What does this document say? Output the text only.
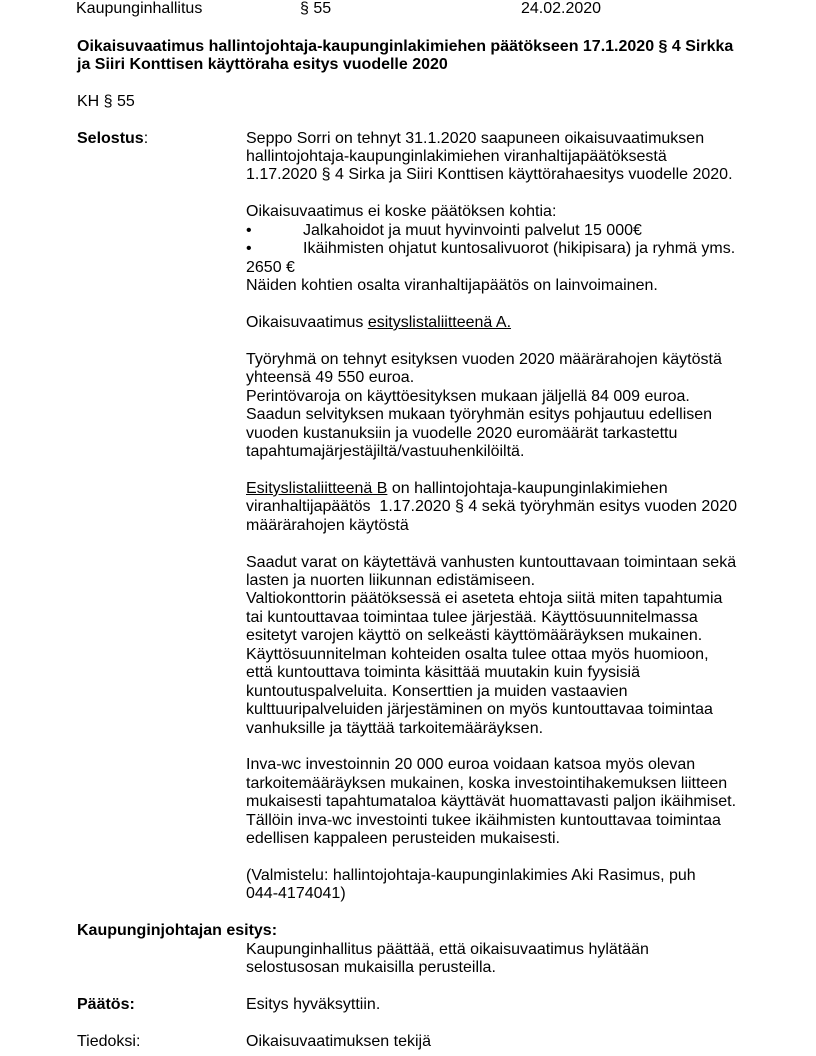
Kaupunginhallitus	§ 55	24.02.2020
Oikaisuvaatimus hallintojohtaja-kaupunginlakimiehen päätökseen 17.1.2020 § 4 Sirkka
ja Siiri Konttisen käyttöraha esitys vuodelle 2020
KH § 55
Selostus:	Seppo Sorri on tehnyt 31.1.2020 saapuneen oikaisuvaatimuksen
hallintojohtaja-kaupunginlakimiehen viranhaltijapäätöksestä
1.17.2020 § 4 Sirka ja Siiri Konttisen käyttörahaesitys vuodelle 2020.
Oikaisuvaatimus ei koske päätöksen kohtia:
•	Jalkahoidot ja muut hyvinvointi palvelut 15 000€
•	Ikäihmisten ohjatut kuntosalivuorot (hikipisara) ja ryhmä yms.
2650 €
Näiden kohtien osalta viranhaltijapäätös on lainvoimainen.
Oikaisuvaatimus esityslistaliitteenä A.
Työryhmä on tehnyt esityksen vuoden 2020 määrärahojen käytöstä
yhteensä 49 550 euroa.
Perintövaroja on käyttöesityksen mukaan jäljellä 84 009 euroa.
Saadun selvityksen mukaan työryhmän esitys pohjautuu edellisen
vuoden kustanuksiin ja vuodelle 2020 euromäärät tarkastettu
tapahtumajärjestäjiltä/vastuuhenkilöiltä.
Esityslistaliitteenä B on hallintojohtaja-kaupunginlakimiehen
viranhaltijapäätös  1.17.2020 § 4 sekä työryhmän esitys vuoden 2020
määrärahojen käytöstä
Saadut varat on käytettävä vanhusten kuntouttavaan toimintaan sekä
lasten ja nuorten liikunnan edistämiseen.
Valtiokonttorin päätöksessä ei aseteta ehtoja siitä miten tapahtumia
tai kuntouttavaa toimintaa tulee järjestää. Käyttösuunnitelmassa
esitetyt varojen käyttö on selkeästi käyttömääräyksen mukainen.
Käyttösuunnitelman kohteiden osalta tulee ottaa myös huomioon,
että kuntouttava toiminta käsittää muutakin kuin fyysisiä
kuntoutuspalveluita. Konserttien ja muiden vastaavien
kulttuuripalveluiden järjestäminen on myös kuntouttavaa toimintaa
vanhuksille ja täyttää tarkoitemääräyksen.
Inva-wc investoinnin 20 000 euroa voidaan katsoa myös olevan
tarkoitemääräyksen mukainen, koska investointihakemuksen liitteen
mukaisesti tapahtumataloa käyttävät huomattavasti paljon ikäihmiset.
Tällöin inva-wc investointi tukee ikäihmisten kuntouttavaa toimintaa
edellisen kappaleen perusteiden mukaisesti.
(Valmistelu: hallintojohtaja-kaupunginlakimies Aki Rasimus, puh
044-4174041)
Kaupunginjohtajan esitys:
Kaupunginhallitus päättää, että oikaisuvaatimus hylätään
selostusosan mukaisilla perusteilla.
Päätös:	Esitys hyväksyttiin.
Tiedoksi:	Oikaisuvaatimuksen tekijä
